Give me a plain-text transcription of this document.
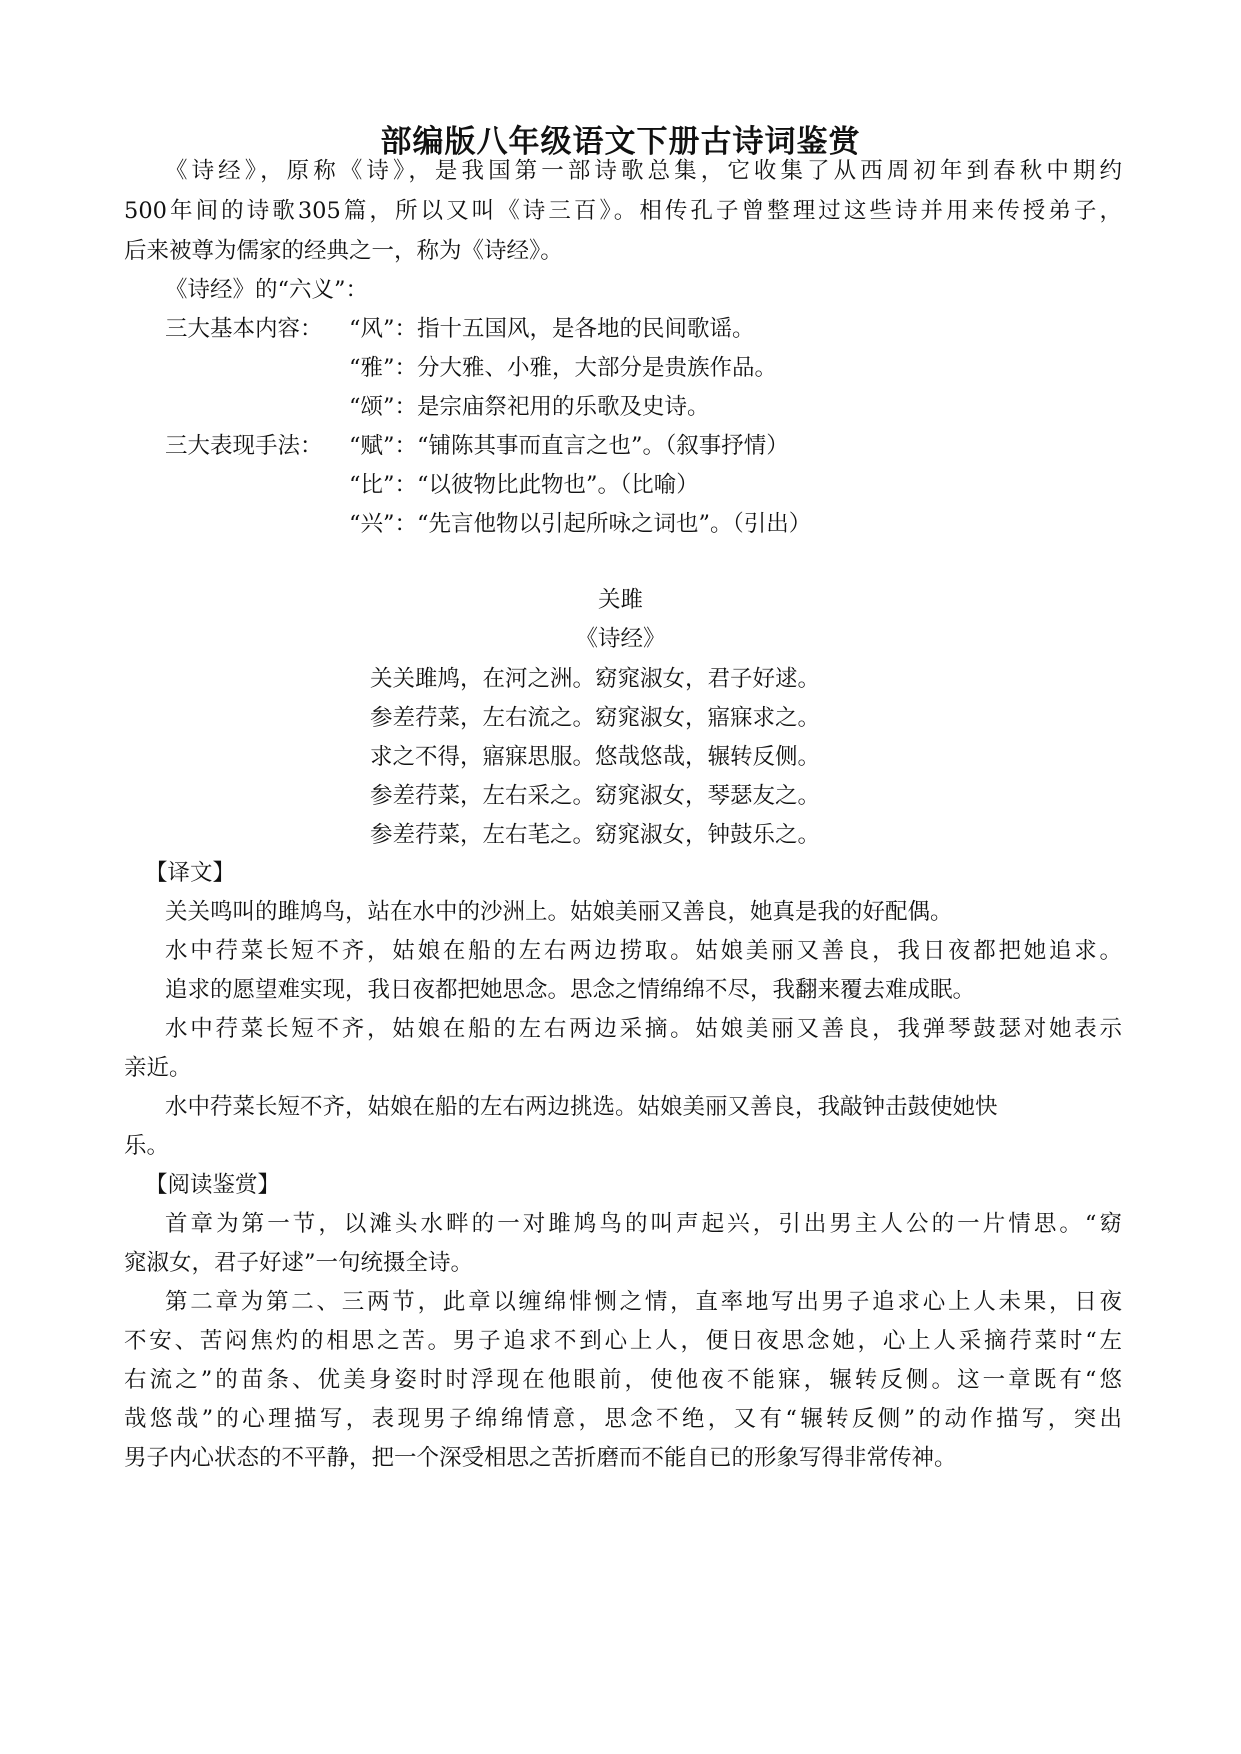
部编版八年级语文下册古诗词鉴赏
《诗经》，原称《诗》，是我国第一部诗歌总集，它收集了从西周初年到春秋中期约
500年间的诗歌305篇，所以又叫《诗三百》。相传孔子曾整理过这些诗并用来传授弟子，
后来被尊为儒家的经典之一，称为《诗经》。
《诗经》的“六义”：
三大基本内容： “风”：指十五国风，是各地的民间歌谣。
“雅”：分大雅、小雅，大部分是贵族作品。
“颂”：是宗庙祭祀用的乐歌及史诗。
三大表现手法： “赋”：“铺陈其事而直言之也”。（叙事抒情）
“比”：“以彼物比此物也”。（比喻）
“兴”：“先言他物以引起所咏之词也”。（引出）
关雎
《诗经》
关关雎鸠，在河之洲。窈窕淑女，君子好逑。
参差荇菜，左右流之。窈窕淑女，寤寐求之。
求之不得，寤寐思服。悠哉悠哉，辗转反侧。
参差荇菜，左右采之。窈窕淑女，琴瑟友之。
参差荇菜，左右芼之。窈窕淑女，钟鼓乐之。
【译文】
关关鸣叫的雎鸠鸟，站在水中的沙洲上。姑娘美丽又善良，她真是我的好配偶。
水中荇菜长短不齐，姑娘在船的左右两边捞取。姑娘美丽又善良，我日夜都把她追求。
追求的愿望难实现，我日夜都把她思念。思念之情绵绵不尽，我翻来覆去难成眠。
水中荇菜长短不齐，姑娘在船的左右两边采摘。姑娘美丽又善良，我弹琴鼓瑟对她表示
亲近。
水中荇菜长短不齐，姑娘在船的左右两边挑选。姑娘美丽又善良，我敲钟击鼓使她快
乐。
【阅读鉴赏】
首章为第一节，以滩头水畔的一对雎鸠鸟的叫声起兴，引出男主人公的一片情思。“窈
窕淑女，君子好逑”一句统摄全诗。
第二章为第二、三两节，此章以缠绵悱恻之情，直率地写出男子追求心上人未果，日夜
不安、苦闷焦灼的相思之苦。男子追求不到心上人，便日夜思念她，心上人采摘荇菜时“左
右流之”的苗条、优美身姿时时浮现在他眼前，使他夜不能寐，辗转反侧。这一章既有“悠
哉悠哉”的心理描写，表现男子绵绵情意，思念不绝，又有“辗转反侧”的动作描写，突出
男子内心状态的不平静，把一个深受相思之苦折磨而不能自已的形象写得非常传神。
